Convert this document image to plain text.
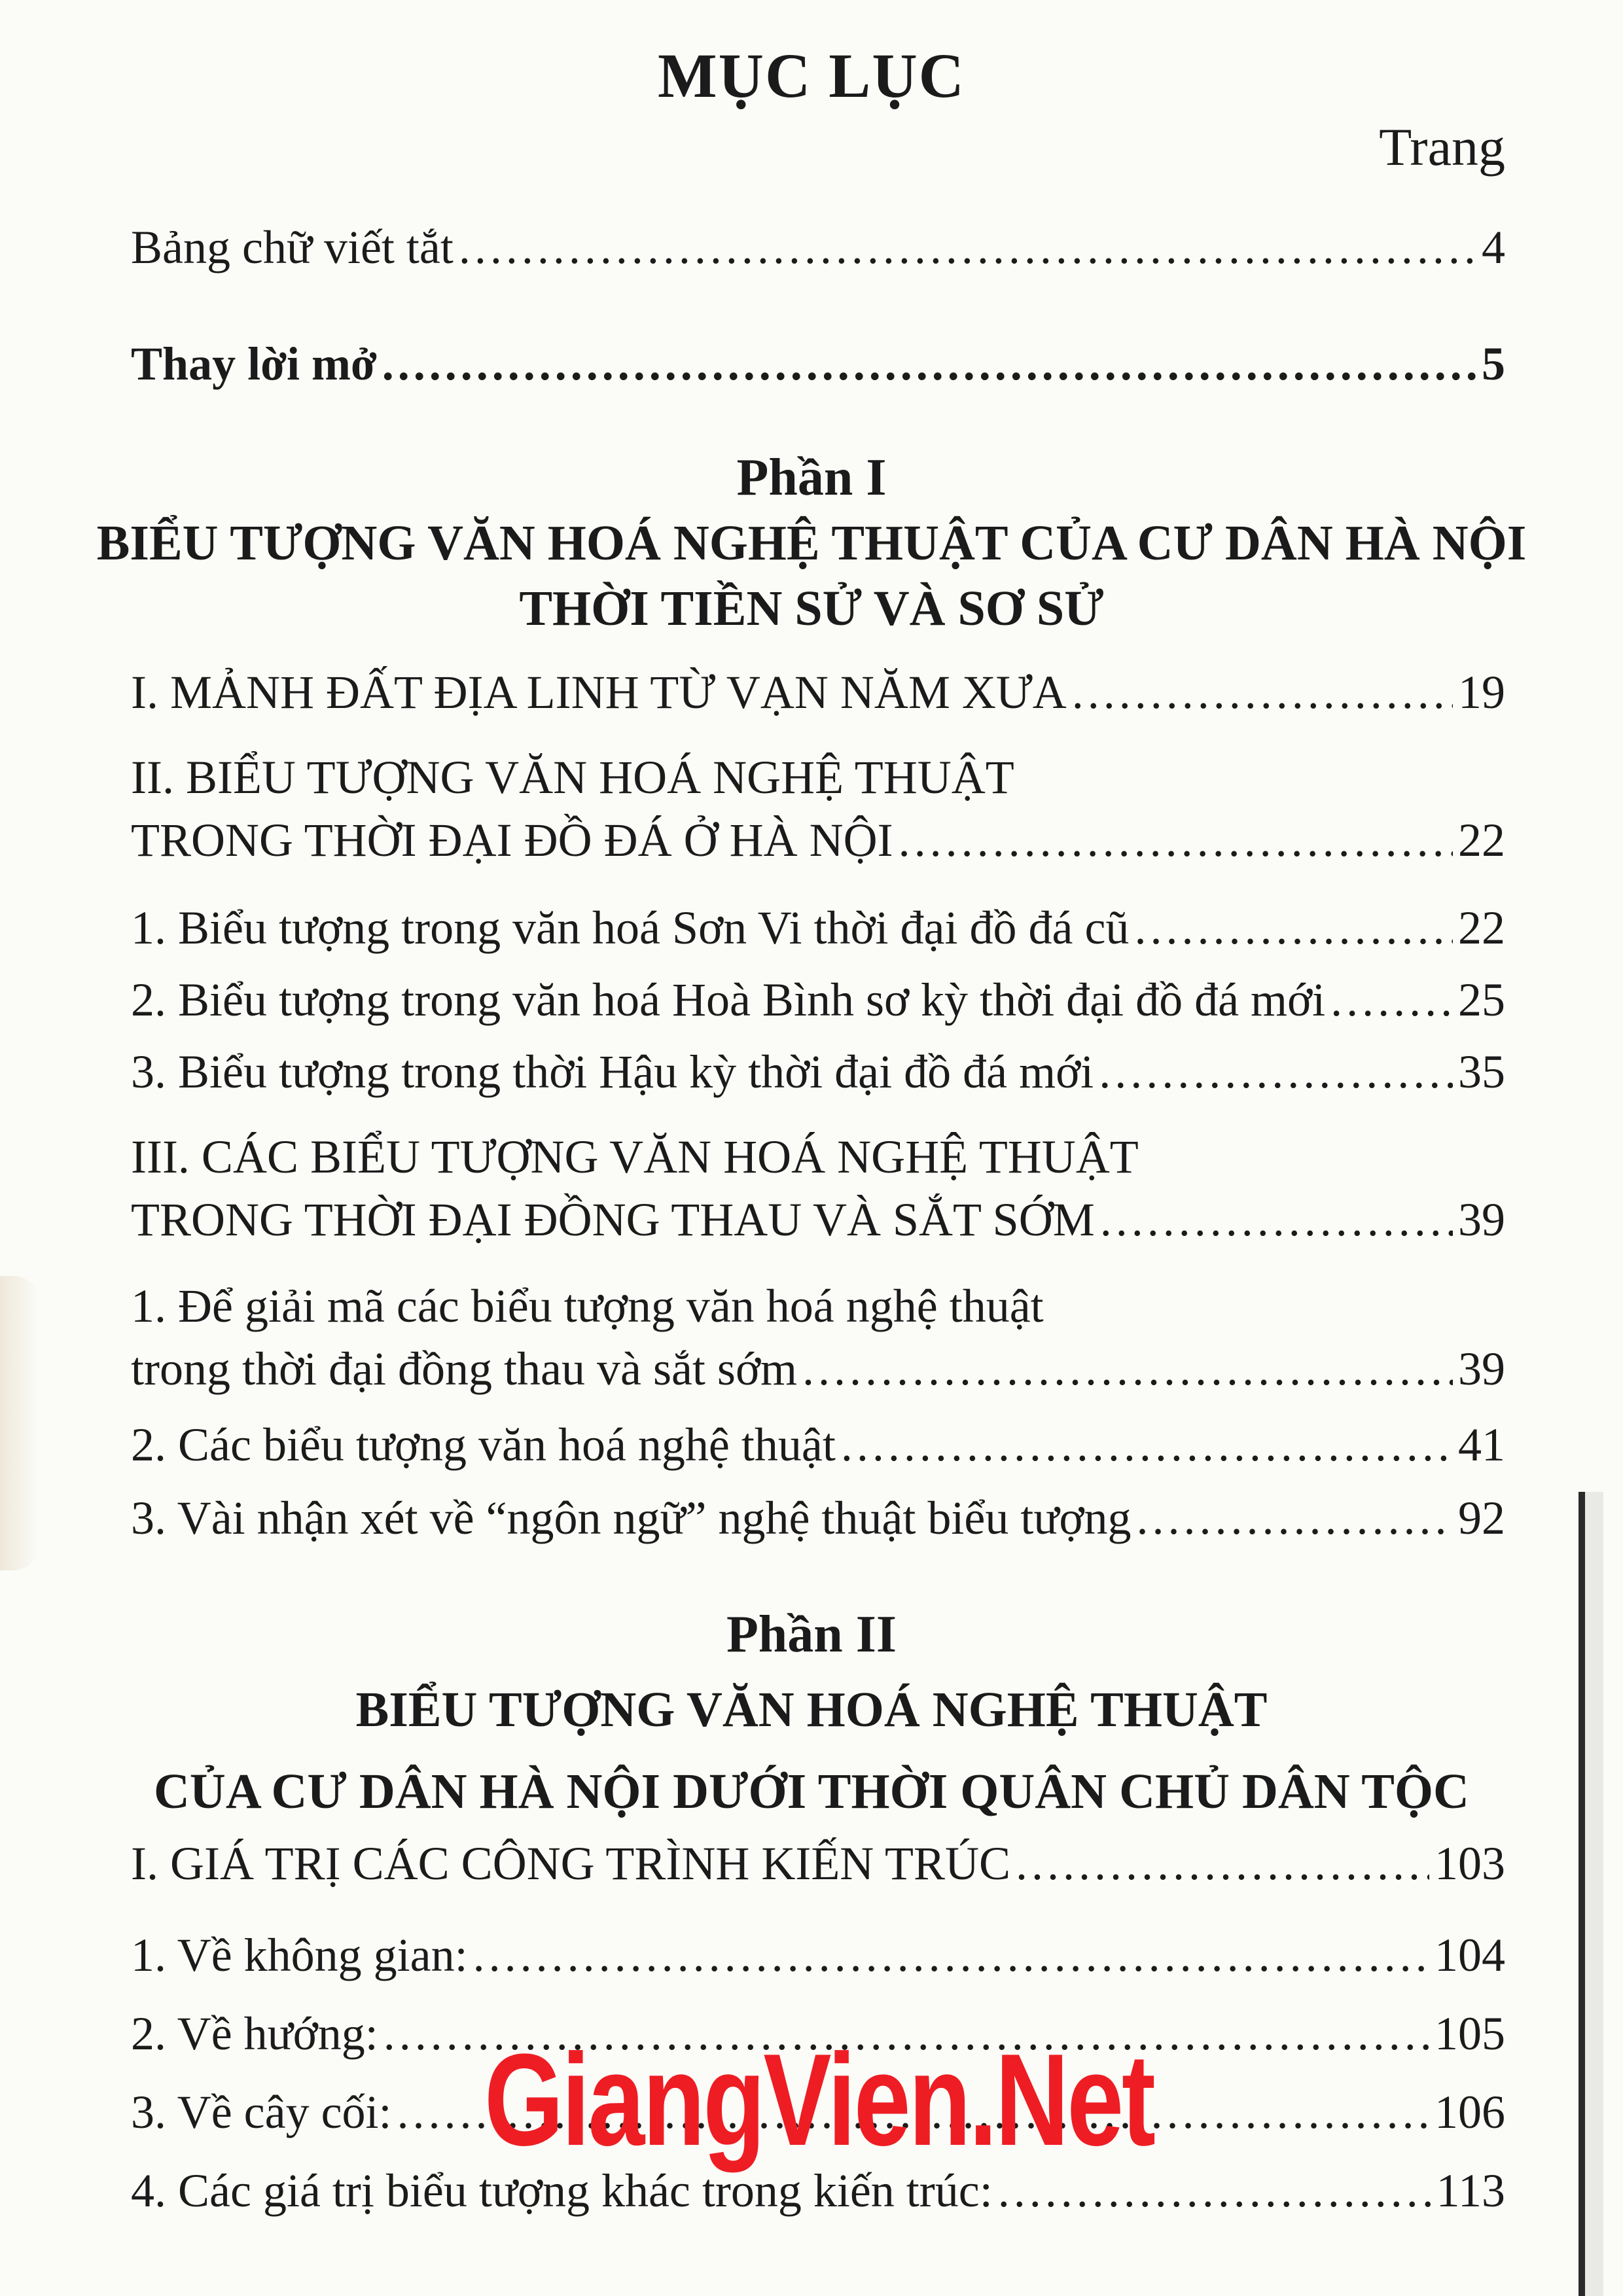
MỤC LỤC
Trang
Bảng chữ viết tắt .....	4
Thay lời mở .....	5
Phần I
BIỂU TƯỢNG VĂN HOÁ NGHỆ THUẬT CỦA CƯ DÂN HÀ NỘI
THỜI TIỀN SỬ VÀ SƠ SỬ
I. MẢNH ĐẤT ĐỊA LINH TỪ VẠN NĂM XƯA .....	19
II. BIỂU TƯỢNG VĂN HOÁ NGHỆ THUẬT
TRONG THỜI ĐẠI ĐỒ ĐÁ Ở HÀ NỘI .....	22
1. Biểu tượng trong văn hoá Sơn Vi thời đại đồ đá cũ .....	22
2. Biểu tượng trong văn hoá Hoà Bình sơ kỳ thời đại đồ đá mới .....	25
3. Biểu tượng trong thời Hậu kỳ thời đại đồ đá mới .....	35
III. CÁC BIỂU TƯỢNG VĂN HOÁ NGHỆ THUẬT
TRONG THỜI ĐẠI ĐỒNG THAU VÀ SẮT SỚM .....	39
1. Để giải mã các biểu tượng văn hoá nghệ thuật
trong thời đại đồng thau và sắt sớm .....	39
2. Các biểu tượng văn hoá nghệ thuật .....	41
3. Vài nhận xét về “ngôn ngữ” nghệ thuật biểu tượng .....	92
Phần II
BIỂU TƯỢNG VĂN HOÁ NGHỆ THUẬT
CỦA CƯ DÂN HÀ NỘI DƯỚI THỜI QUÂN CHỦ DÂN TỘC
I. GIÁ TRỊ CÁC CÔNG TRÌNH KIẾN TRÚC .....	103
1. Về không gian: .....	104
2. Về hướng: .....	105
3. Về cây cối: .....	106
4. Các giá trị biểu tượng khác trong kiến trúc: .....	113
GiangVien.Net
